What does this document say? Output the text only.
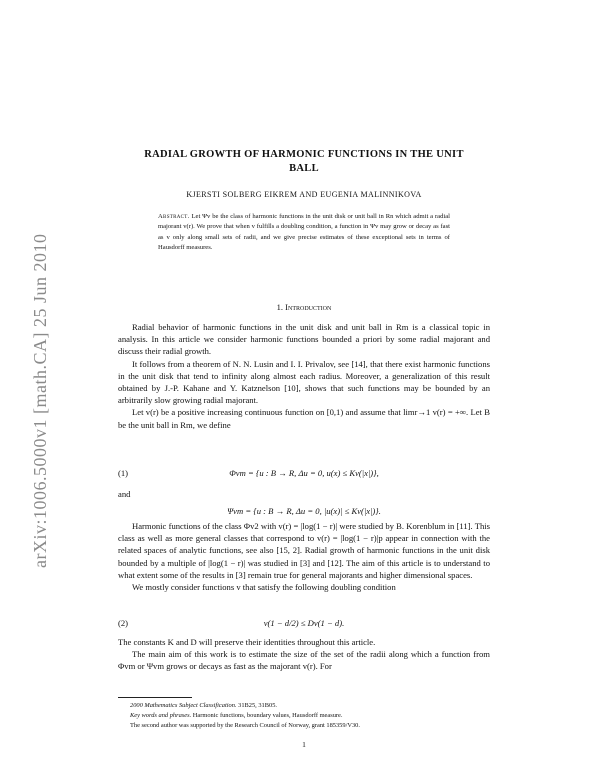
arXiv:1006.5000v1 [math.CA] 25 Jun 2010
RADIAL GROWTH OF HARMONIC FUNCTIONS IN THE UNIT
BALL
KJERSTI SOLBERG EIKREM AND EUGENIA MALINNIKOVA
Abstract. Let Ψv be the class of harmonic functions in the unit disk or unit ball in Rn which admit a radial majorant v(r). We prove that when v fulfills a doubling condition, a function in Ψv may grow or decay as fast as v only along small sets of radii, and we give precise estimates of these exceptional sets in terms of Hausdorff measures.
1. Introduction

Radial behavior of harmonic functions in the unit disk and unit ball in Rm is a classical topic in analysis. In this article we consider harmonic functions bounded a priori by some radial majorant and discuss their radial growth.

It follows from a theorem of N. N. Lusin and I. I. Privalov, see [14], that there exist harmonic functions in the unit disk that tend to infinity along almost each radius. Moreover, a generalization of this result obtained by J.-P. Kahane and Y. Katznelson [10], shows that such functions may be bounded by an arbitrarily slow growing radial majorant.

Let v(r) be a positive increasing continuous function on [0,1) and assume that limr→1 v(r) = +∞. Let B be the unit ball in Rm, we define

(1)	Φvm = {u : B → R, Δu = 0, u(x) ≤ Kv(|x|)},

and

Ψvm = {u : B → R, Δu = 0, |u(x)| ≤ Kv(|x|)}.

Harmonic functions of the class Φv2 with v(r) = |log(1 − r)| were studied by B. Korenblum in [11]. This class as well as more general classes that correspond to v(r) = |log(1 − r)|p appear in connection with the related spaces of analytic functions, see also [15, 2]. Radial growth of harmonic functions in the unit disk bounded by a multiple of |log(1 − r)| was studied in [3] and [12]. The aim of this article is to understand to what extent some of the results in [3] remain true for general majorants and higher dimensional spaces.

We mostly consider functions v that satisfy the following doubling condition

(2)	v(1 − d/2) ≤ Dv(1 − d).

The constants K and D will preserve their identities throughout this article.

The main aim of this work is to estimate the size of the set of the radii along which a function from Φvm or Ψvm grows or decays as fast as the majorant v(r). For

2000 Mathematics Subject Classification. 31B25, 31B05.
Key words and phrases. Harmonic functions, boundary values, Hausdorff measure.
The second author was supported by the Research Council of Norway, grant 185359/V30.
1
